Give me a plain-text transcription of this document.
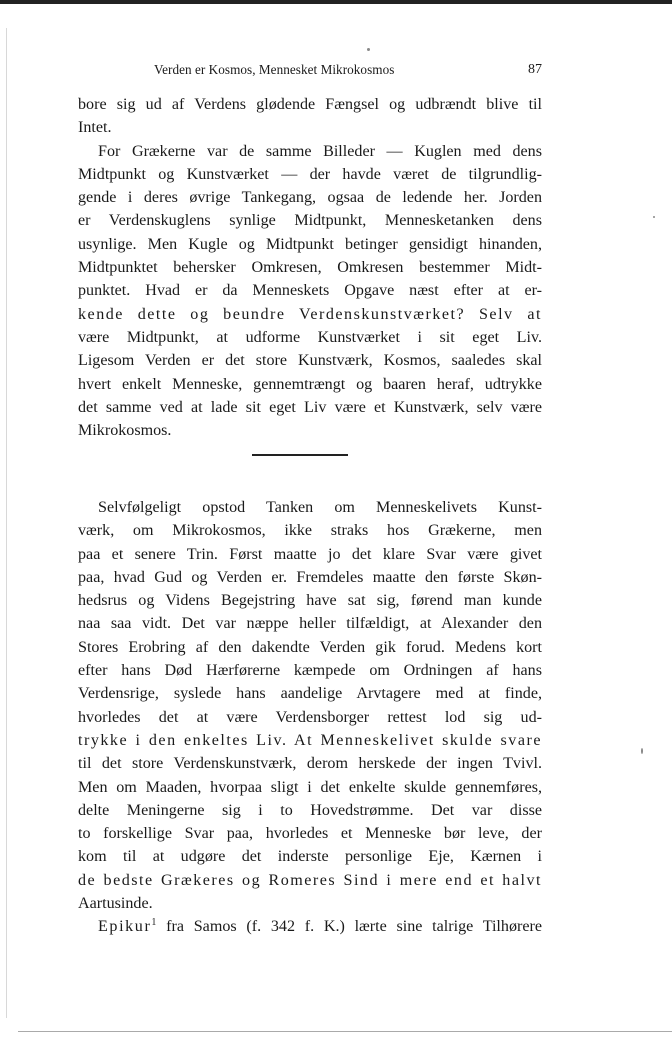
Verden er Kosmos, Mennesket Mikrokosmos	87
bore sig ud af Verdens glødende Fængsel og udbrændt blive til
Intet.
For Grækerne var de samme Billeder — Kuglen med dens
Midtpunkt og Kunstværket — der havde været de tilgrundlig-
gende i deres øvrige Tankegang, ogsaa de ledende her. Jorden
er Verdenskuglens synlige Midtpunkt, Mennesketanken dens
usynlige. Men Kugle og Midtpunkt betinger gensidigt hinanden,
Midtpunktet behersker Omkresen, Omkresen bestemmer Midt-
punktet. Hvad er da Menneskets Opgave næst efter at er-
kende dette og beundre Verdenskunstværket? Selv at
være Midtpunkt, at udforme Kunstværket i sit eget Liv.
Ligesom Verden er det store Kunstværk, Kosmos, saaledes skal
hvert enkelt Menneske, gennemtrængt og baaren heraf, udtrykke
det samme ved at lade sit eget Liv være et Kunstværk, selv være
Mikrokosmos.
Selvfølgeligt opstod Tanken om Menneskelivets Kunst-
værk, om Mikrokosmos, ikke straks hos Grækerne, men
paa et senere Trin. Først maatte jo det klare Svar være givet
paa, hvad Gud og Verden er. Fremdeles maatte den første Skøn-
hedsrus og Videns Begejstring have sat sig, førend man kunde
naa saa vidt. Det var næppe heller tilfældigt, at Alexander den
Stores Erobring af den dakendte Verden gik forud. Medens kort
efter hans Død Hærførerne kæmpede om Ordningen af hans
Verdensrige, syslede hans aandelige Arvtagere med at finde,
hvorledes det at være Verdensborger rettest lod sig ud-
trykke i den enkeltes Liv. At Menneskelivet skulde svare
til det store Verdenskunstværk, derom herskede der ingen Tvivl.
Men om Maaden, hvorpaa sligt i det enkelte skulde gennemføres,
delte Meningerne sig i to Hovedstrømme. Det var disse
to forskellige Svar paa, hvorledes et Menneske bør leve, der
kom til at udgøre det inderste personlige Eje, Kærnen i
de bedste Grækeres og Romeres Sind i mere end et halvt
Aartusinde.
Epikur$^1$ fra Samos (f. 342 f. K.) lærte sine talrige Tilhørere
